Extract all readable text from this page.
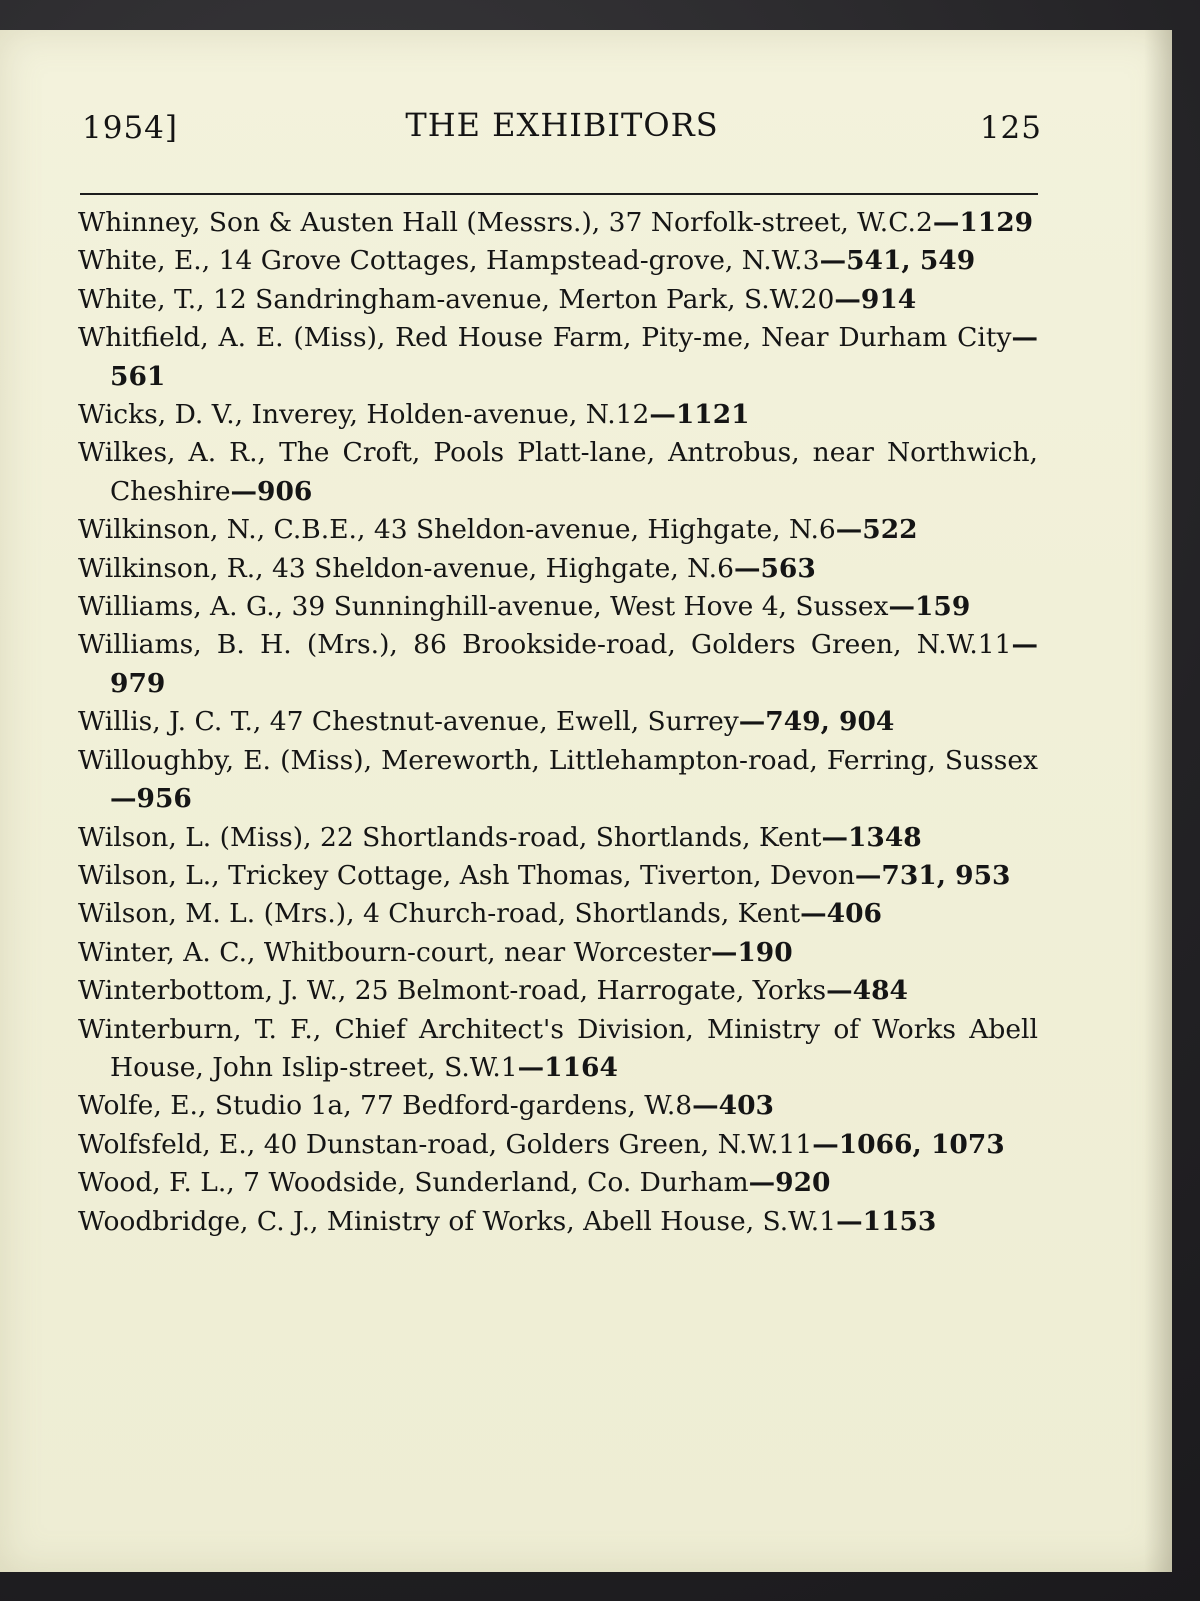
1954]	THE EXHIBITORS	125
Whinney, Son & Austen Hall (Messrs.), 37 Norfolk-street, W.C.2—1129
White, E., 14 Grove Cottages, Hampstead-grove, N.W.3—541, 549
White, T., 12 Sandringham-avenue, Merton Park, S.W.20—914
Whitfield, A. E. (Miss), Red House Farm, Pity-me, Near Durham City—561
Wicks, D. V., Inverey, Holden-avenue, N.12—1121
Wilkes, A. R., The Croft, Pools Platt-lane, Antrobus, near Northwich, Cheshire—906
Wilkinson, N., C.B.E., 43 Sheldon-avenue, Highgate, N.6—522
Wilkinson, R., 43 Sheldon-avenue, Highgate, N.6—563
Williams, A. G., 39 Sunninghill-avenue, West Hove 4, Sussex—159
Williams, B. H. (Mrs.), 86 Brookside-road, Golders Green, N.W.11—979
Willis, J. C. T., 47 Chestnut-avenue, Ewell, Surrey—749, 904
Willoughby, E. (Miss), Mereworth, Littlehampton-road, Ferring, Sussex—956
Wilson, L. (Miss), 22 Shortlands-road, Shortlands, Kent—1348
Wilson, L., Trickey Cottage, Ash Thomas, Tiverton, Devon—731, 953
Wilson, M. L. (Mrs.), 4 Church-road, Shortlands, Kent—406
Winter, A. C., Whitbourn-court, near Worcester—190
Winterbottom, J. W., 25 Belmont-road, Harrogate, Yorks—484
Winterburn, T. F., Chief Architect's Division, Ministry of Works Abell House, John Islip-street, S.W.1—1164
Wolfe, E., Studio 1a, 77 Bedford-gardens, W.8—403
Wolfsfeld, E., 40 Dunstan-road, Golders Green, N.W.11—1066, 1073
Wood, F. L., 7 Woodside, Sunderland, Co. Durham—920
Woodbridge, C. J., Ministry of Works, Abell House, S.W.1—1153
